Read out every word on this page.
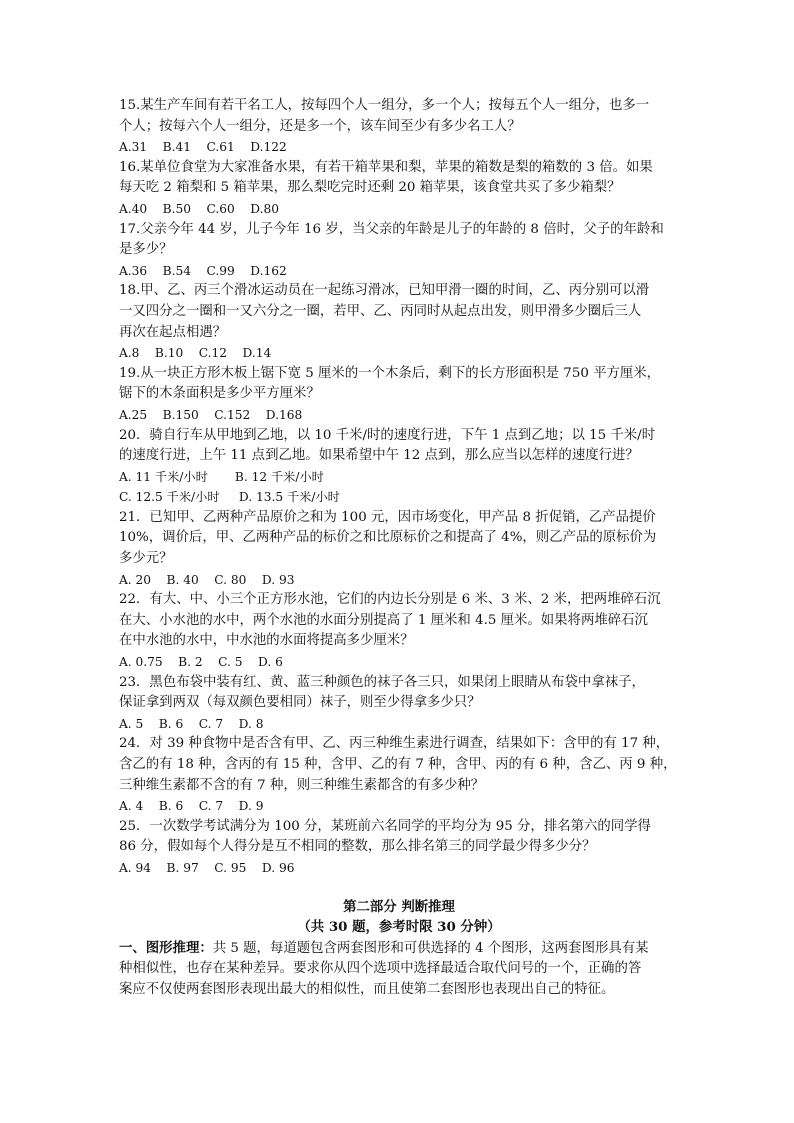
15.某生产车间有若干名工人，按每四个人一组分，多一个人；按每五个人一组分，也多一
个人；按每六个人一组分，还是多一个，该车间至少有多少名工人？
A.31    B.41    C.61    D.122
16.某单位食堂为大家准备水果，有若干箱苹果和梨，苹果的箱数是梨的箱数的 3 倍。如果
每天吃 2 箱梨和 5 箱苹果，那么梨吃完时还剩 20 箱苹果，该食堂共买了多少箱梨？
A.40    B.50    C.60    D.80
17.父亲今年 44 岁，儿子今年 16 岁，当父亲的年龄是儿子的年龄的 8 倍时，父子的年龄和
是多少？
A.36    B.54    C.99    D.162
18.甲、乙、丙三个滑冰运动员在一起练习滑冰，已知甲滑一圈的时间，乙、丙分别可以滑
一又四分之一圈和一又六分之一圈，若甲、乙、丙同时从起点出发，则甲滑多少圈后三人
再次在起点相遇？
A.8    B.10    C.12    D.14
19.从一块正方形木板上锯下宽 5 厘米的一个木条后，剩下的长方形面积是 750 平方厘米，
锯下的木条面积是多少平方厘米？
A.25    B.150    C.152    D.168
20．骑自行车从甲地到乙地，以 10 千米/时的速度行进，下午 1 点到乙地；以 15 千米/时
的速度行进，上午 11 点到乙地。如果希望中午 12 点到，那么应当以怎样的速度行进？
A. 11 千米/小时       B. 12 千米/小时
C. 12.5 千米/小时     D. 13.5 千米/小时
21．已知甲、乙两种产品原价之和为 100 元，因市场变化，甲产品 8 折促销，乙产品提价
10%，调价后，甲、乙两种产品的标价之和比原标价之和提高了 4%，则乙产品的原标价为
多少元？
A. 20    B. 40    C. 80    D. 93
22．有大、中、小三个正方形水池，它们的内边长分别是 6 米、3 米、2 米，把两堆碎石沉
在大、小水池的水中，两个水池的水面分别提高了 1 厘米和 4.5 厘米。如果将两堆碎石沉
在中水池的水中，中水池的水面将提高多少厘米？
A. 0.75    B. 2    C. 5    D. 6
23．黑色布袋中装有红、黄、蓝三种颜色的袜子各三只，如果闭上眼睛从布袋中拿袜子，
保证拿到两双（每双颜色要相同）袜子，则至少得拿多少只？
A. 5    B. 6    C. 7    D. 8
24．对 39 种食物中是否含有甲、乙、丙三种维生素进行调查，结果如下：含甲的有 17 种，
含乙的有 18 种，含丙的有 15 种，含甲、乙的有 7 种，含甲、丙的有 6 种，含乙、丙 9 种，
三种维生素都不含的有 7 种，则三种维生素都含的有多少种？
A. 4    B. 6    C. 7    D. 9
25．一次数学考试满分为 100 分，某班前六名同学的平均分为 95 分，排名第六的同学得
86 分，假如每个人得分是互不相同的整数，那么排名第三的同学最少得多少分？
A. 94    B. 97    C. 95    D. 96
第二部分 判断推理
（共 30 题，参考时限 30 分钟）
一、图形推理：共 5 题，每道题包含两套图形和可供选择的 4 个图形，这两套图形具有某
种相似性，也存在某种差异。要求你从四个选项中选择最适合取代问号的一个，正确的答
案应不仅使两套图形表现出最大的相似性，而且使第二套图形也表现出自己的特征。
